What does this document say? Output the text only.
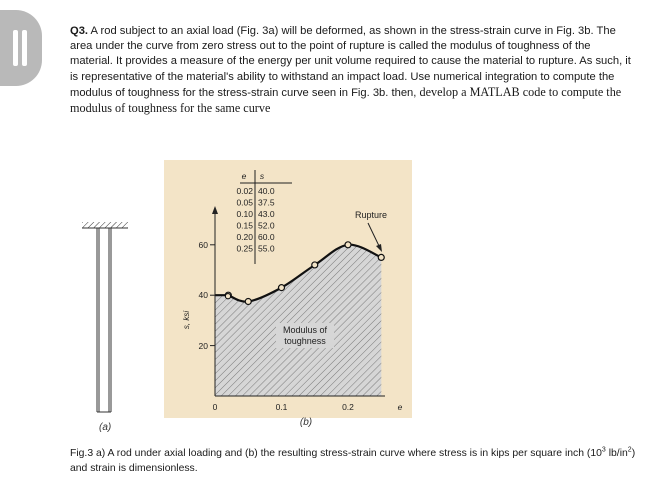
Q3. A rod subject to an axial load (Fig. 3a) will be deformed, as shown in the stress-strain curve in Fig. 3b. The area under the curve from zero stress out to the point of rupture is called the modulus of toughness of the material. It provides a measure of the energy per unit volume required to cause the material to rupture. As such, it is representative of the material's ability to withstand an impact load. Use numerical integration to compute the modulus of toughness for the stress-strain curve seen in Fig. 3b. then, develop a MATLAB code to compute the modulus of toughness for the same curve

(a)
60
40
20
s, ksi
0	0.1	0.2	e
(b)
Rupture
Modulus of
toughness
e s
0.02 40.0
0.05 37.5
0.10 43.0
0.15 52.0
0.20 60.0
0.25 55.0

Fig.3 a) A rod under axial loading and (b) the resulting stress-strain curve where stress is in kips per square inch ($10^3$ $lb/in^2$) and strain is dimensionless.
